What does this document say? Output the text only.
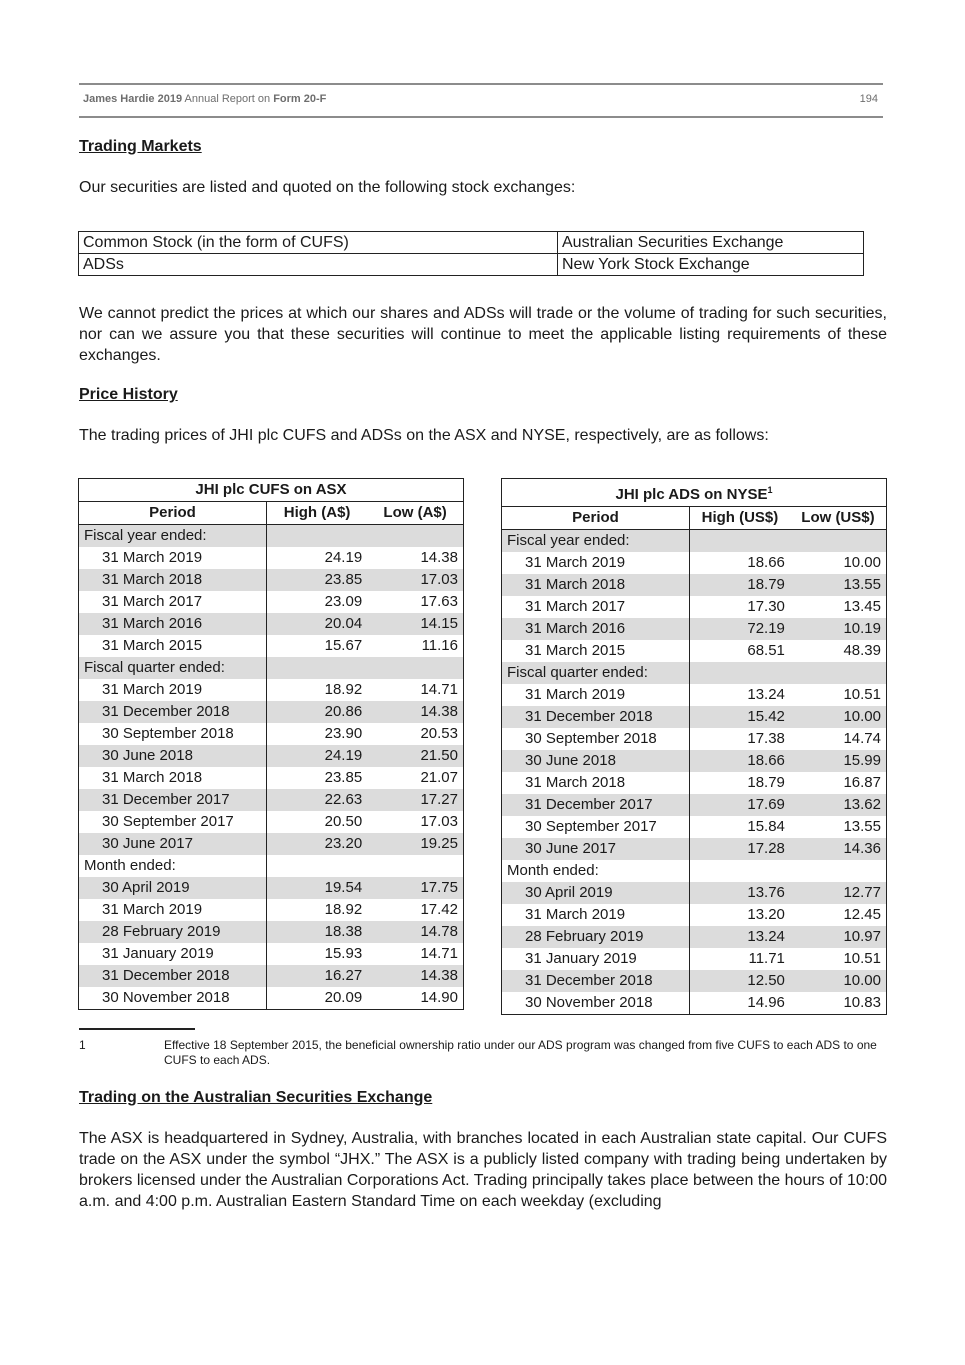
James Hardie 2019 Annual Report on Form 20-F	194
Trading Markets
Our securities are listed and quoted on the following stock exchanges:
Common Stock (in the form of CUFS)	Australian Securities Exchange
ADSs	New York Stock Exchange
We cannot predict the prices at which our shares and ADSs will trade or the volume of trading for such securities, nor can we assure you that these securities will continue to meet the applicable listing requirements of these exchanges.
Price History
The trading prices of JHI plc CUFS and ADSs on the ASX and NYSE, respectively, are as follows:
JHI plc CUFS on ASX		
Period	High (A$)	Low (A$)
Fiscal year ended:		
31 March 2019	24.19	14.38
31 March 2018	23.85	17.03
31 March 2017	23.09	17.63
31 March 2016	20.04	14.15
31 March 2015	15.67	11.16
Fiscal quarter ended:		
31 March 2019	18.92	14.71
31 December 2018	20.86	14.38
30 September 2018	23.90	20.53
30 June 2018	24.19	21.50
31 March 2018	23.85	21.07
31 December 2017	22.63	17.27
30 September 2017	20.50	17.03
30 June 2017	23.20	19.25
Month ended:		
30 April 2019	19.54	17.75
31 March 2019	18.92	17.42
28 February 2019	18.38	14.78
31 January 2019	15.93	14.71
31 December 2018	16.27	14.38
30 November 2018	20.09	14.90
JHI plc ADS on NYSE$^1$
Period	High (US$)	Low (US$)
Fiscal year ended:		
31 March 2019	18.66	10.00
31 March 2018	18.79	13.55
31 March 2017	17.30	13.45
31 March 2016	72.19	10.19
31 March 2015	68.51	48.39
Fiscal quarter ended:		
31 March 2019	13.24	10.51
31 December 2018	15.42	10.00
30 September 2018	17.38	14.74
30 June 2018	18.66	15.99
31 March 2018	18.79	16.87
31 December 2017	17.69	13.62
30 September 2017	15.84	13.55
30 June 2017	17.28	14.36
Month ended:		
30 April 2019	13.76	12.77
31 March 2019	13.20	12.45
28 February 2019	13.24	10.97
31 January 2019	11.71	10.51
31 December 2018	12.50	10.00
30 November 2018	14.96	10.83
1	Effective 18 September 2015, the beneficial ownership ratio under our ADS program was changed from five CUFS to each ADS to one CUFS to each ADS.
Trading on the Australian Securities Exchange
The ASX is headquartered in Sydney, Australia, with branches located in each Australian state capital. Our CUFS trade on the ASX under the symbol “JHX.” The ASX is a publicly listed company with trading being undertaken by brokers licensed under the Australian Corporations Act. Trading principally takes place between the hours of 10:00 a.m. and 4:00 p.m. Australian Eastern Standard Time on each weekday (excluding
